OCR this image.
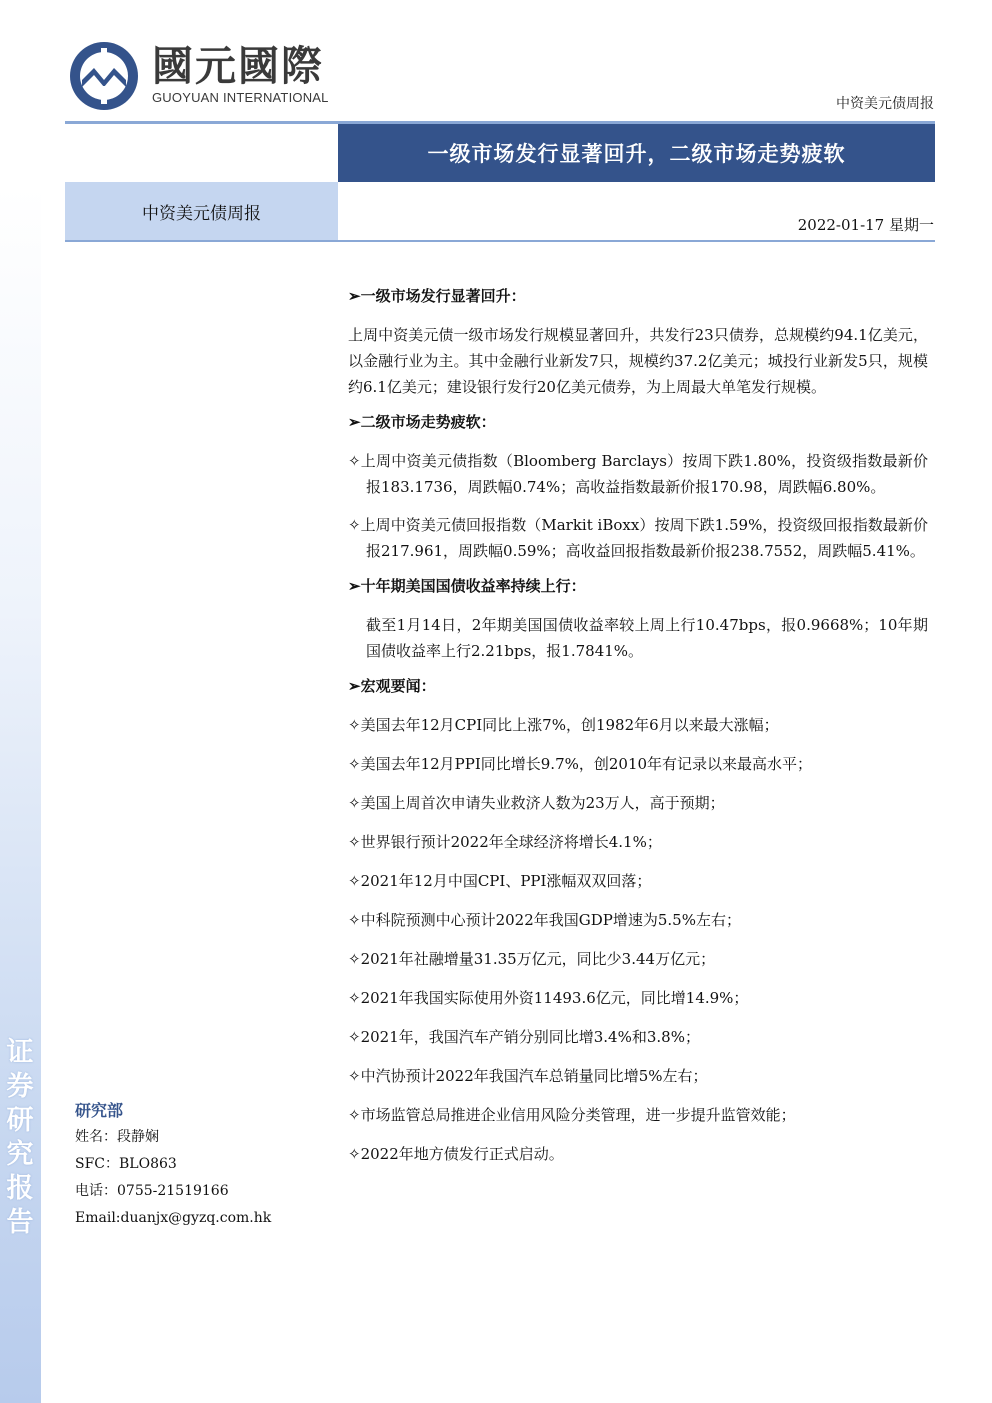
证
券
研
究
报
告
國元國際
GUOYUAN INTERNATIONAL	中资美元债周报
一级市场发行显著回升，二级市场走势疲软
中资美元债周报
2022-01-17 星期一
➢一级市场发行显著回升：
上周中资美元债一级市场发行规模显著回升，共发行23只债券，总规模约94.1亿美元，以金融行业为主。其中金融行业新发7只，规模约37.2亿美元；城投行业新发5只，规模约6.1亿美元；建设银行发行20亿美元债券，为上周最大单笔发行规模。
➢二级市场走势疲软：
✧上周中资美元债指数（Bloomberg Barclays）按周下跌1.80%，投资级指数最新价报183.1736，周跌幅0.74%；高收益指数最新价报170.98，周跌幅6.80%。
✧上周中资美元债回报指数（Markit iBoxx）按周下跌1.59%，投资级回报指数最新价报217.961，周跌幅0.59%；高收益回报指数最新价报238.7552，周跌幅5.41%。
➢十年期美国国债收益率持续上行：
截至1月14日，2年期美国国债收益率较上周上行10.47bps，报0.9668%；10年期国债收益率上行2.21bps，报1.7841%。
➢宏观要闻：
✧美国去年12月CPI同比上涨7%，创1982年6月以来最大涨幅；
✧美国去年12月PPI同比增长9.7%，创2010年有记录以来最高水平；
✧美国上周首次申请失业救济人数为23万人，高于预期；
✧世界银行预计2022年全球经济将增长4.1%；
✧2021年12月中国CPI、PPI涨幅双双回落；
✧中科院预测中心预计2022年我国GDP增速为5.5%左右；
✧2021年社融增量31.35万亿元，同比少3.44万亿元；
✧2021年我国实际使用外资11493.6亿元，同比增14.9%；
✧2021年，我国汽车产销分别同比增3.4%和3.8%；
✧中汽协预计2022年我国汽车总销量同比增5%左右；
✧市场监管总局推进企业信用风险分类管理，进一步提升监管效能；
✧2022年地方债发行正式启动。
研究部
姓名：段静娴
SFC：BLO863
电话：0755-21519166
Email:duanjx@gyzq.com.hk
